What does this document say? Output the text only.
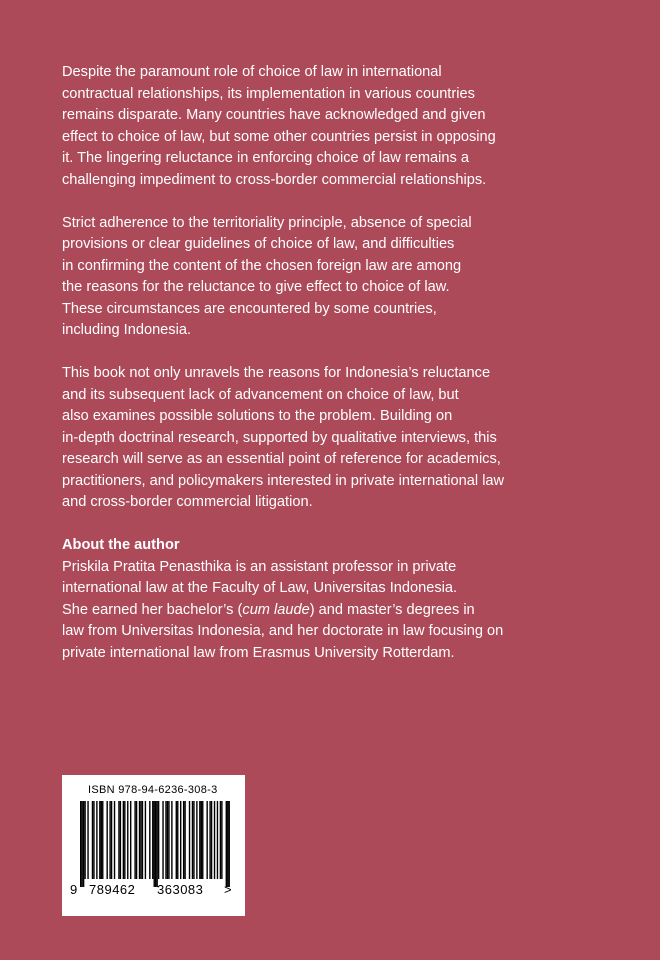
Despite the paramount role of choice of law in international
contractual relationships, its implementation in various countries
remains disparate. Many countries have acknowledged and given
effect to choice of law, but some other countries persist in opposing
it. The lingering reluctance in enforcing choice of law remains a
challenging impediment to cross-border commercial relationships.

Strict adherence to the territoriality principle, absence of special
provisions or clear guidelines of choice of law, and difficulties
in confirming the content of the chosen foreign law are among
the reasons for the reluctance to give effect to choice of law.
These circumstances are encountered by some countries,
including Indonesia.

This book not only unravels the reasons for Indonesia’s reluctance
and its subsequent lack of advancement on choice of law, but
also examines possible solutions to the problem. Building on
in-depth doctrinal research, supported by qualitative interviews, this
research will serve as an essential point of reference for academics,
practitioners, and policymakers interested in private international law
and cross-border commercial litigation.

About the author
Priskila Pratita Penasthika is an assistant professor in private
international law at the Faculty of Law, Universitas Indonesia.
She earned her bachelor’s (cum laude) and master’s degrees in
law from Universitas Indonesia, and her doctorate in law focusing on
private international law from Erasmus University Rotterdam.
ISBN 978-94-6236-308-3
9 789462 363083 >
